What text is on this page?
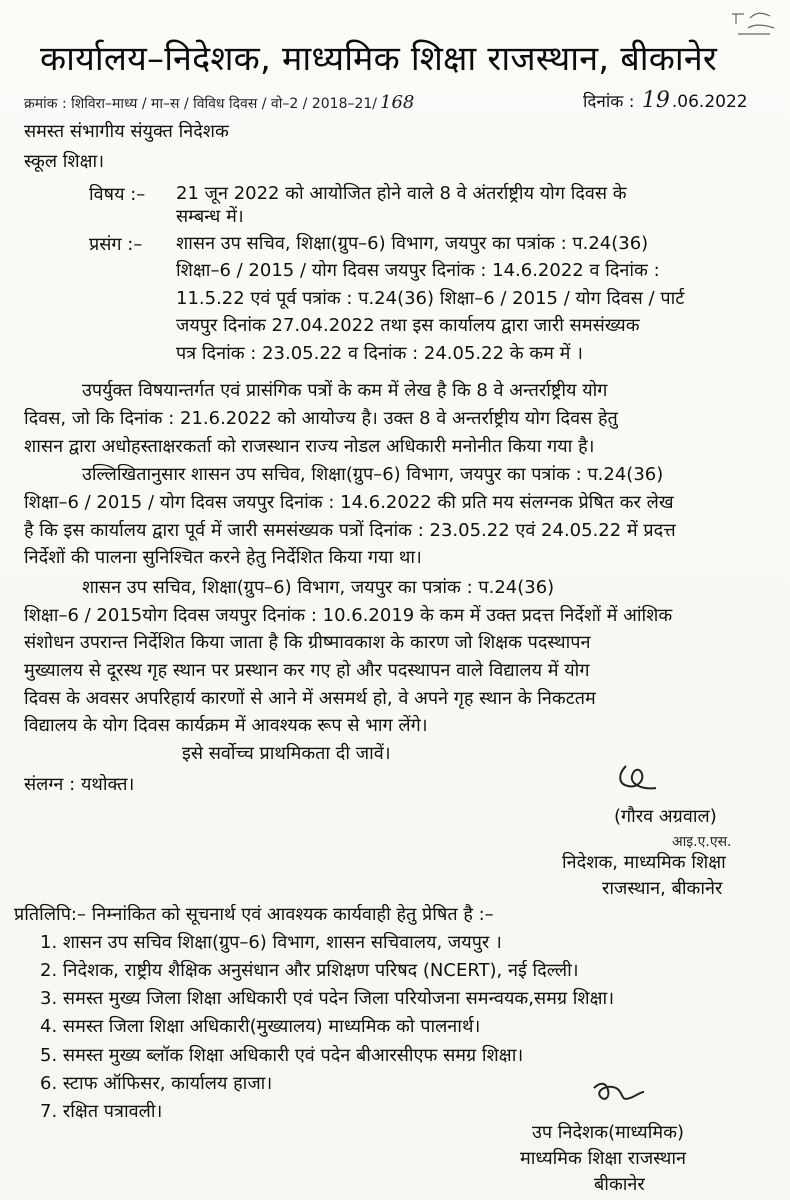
कार्यालय–निदेशक, माध्यमिक शिक्षा राजस्थान, बीकानेर
क्रमांक : शिविरा–माध्य / मा–स / विविध दिवस / वो–2 / 2018–21/ 168	दिनांक : 19 .06.2022
समस्त संभागीय संयुक्त निदेशक
स्कूल शिक्षा।
विषय :– 21 जून 2022 को आयोजित होने वाले 8 वे अंतर्राष्ट्रीय योग दिवस के
सम्बन्ध में।
प्रसंग :– शासन उप सचिव, शिक्षा(ग्रुप–6) विभाग, जयपुर का पत्रांक : प.24(36)
शिक्षा–6 / 2015 / योग दिवस जयपुर दिनांक : 14.6.2022 व दिनांक :
11.5.22 एवं पूर्व पत्रांक : प.24(36) शिक्षा–6 / 2015 / योग दिवस / पार्ट
जयपुर दिनांक 27.04.2022 तथा इस कार्यालय द्वारा जारी समसंख्यक
पत्र दिनांक : 23.05.22 व दिनांक : 24.05.22 के कम में ।
उपर्युक्त विषयान्तर्गत एवं प्रासंगिक पत्रों के कम में लेख है कि 8 वे अन्तर्राष्ट्रीय योग
दिवस, जो कि दिनांक : 21.6.2022 को आयोज्य है। उक्त 8 वे अन्तर्राष्ट्रीय योग दिवस हेतु
शासन द्वारा अधोहस्ताक्षरकर्ता को राजस्थान राज्य नोडल अधिकारी मनोनीत किया गया है।
उल्लिखितानुसार शासन उप सचिव, शिक्षा(ग्रुप–6) विभाग, जयपुर का पत्रांक : प.24(36)
शिक्षा–6 / 2015 / योग दिवस जयपुर दिनांक : 14.6.2022 की प्रति मय संलग्नक प्रेषित कर लेख
है कि इस कार्यालय द्वारा पूर्व में जारी समसंख्यक पत्रों दिनांक : 23.05.22 एवं 24.05.22 में प्रदत्त
निर्देशों की पालना सुनिश्चित करने हेतु निर्देशित किया गया था।
शासन उप सचिव, शिक्षा(ग्रुप–6) विभाग, जयपुर का पत्रांक : प.24(36)
शिक्षा–6 / 2015योग दिवस जयपुर दिनांक : 10.6.2019 के कम में उक्त प्रदत्त निर्देशों में आंशिक
संशोधन उपरान्त निर्देशित किया जाता है कि ग्रीष्मावकाश के कारण जो शिक्षक पदस्थापन
मुख्यालय से दूरस्थ गृह स्थान पर प्रस्थान कर गए हो और पदस्थापन वाले विद्यालय में योग
दिवस के अवसर अपरिहार्य कारणों से आने में असमर्थ हो, वे अपने गृह स्थान के निकटतम
विद्यालय के योग दिवस कार्यक्रम में आवश्यक रूप से भाग लेंगे।
इसे सर्वोच्च प्राथमिकता दी जावें।
संलग्न : यथोक्त।
(गौरव अग्रवाल)
आइ.ए.एस.
निदेशक, माध्यमिक शिक्षा
राजस्थान, बीकानेर
प्रतिलिपि:– निम्नांकित को सूचनार्थ एवं आवश्यक कार्यवाही हेतु प्रेषित है :–
1. शासन उप सचिव शिक्षा(ग्रुप–6) विभाग, शासन सचिवालय, जयपुर ।
2. निदेशक, राष्ट्रीय शैक्षिक अनुसंधान और प्रशिक्षण परिषद (NCERT), नई दिल्ली।
3. समस्त मुख्य जिला शिक्षा अधिकारी एवं पदेन जिला परियोजना समन्वयक,समग्र शिक्षा।
4. समस्त जिला शिक्षा अधिकारी(मुख्यालय) माध्यमिक को पालनार्थ।
5. समस्त मुख्य ब्लॉक शिक्षा अधिकारी एवं पदेन बीआरसीएफ समग्र शिक्षा।
6. स्टाफ ऑफिसर, कार्यालय हाजा।
7. रक्षित पत्रावली।
उप निदेशक(माध्यमिक)
माध्यमिक शिक्षा राजस्थान
बीकानेर
